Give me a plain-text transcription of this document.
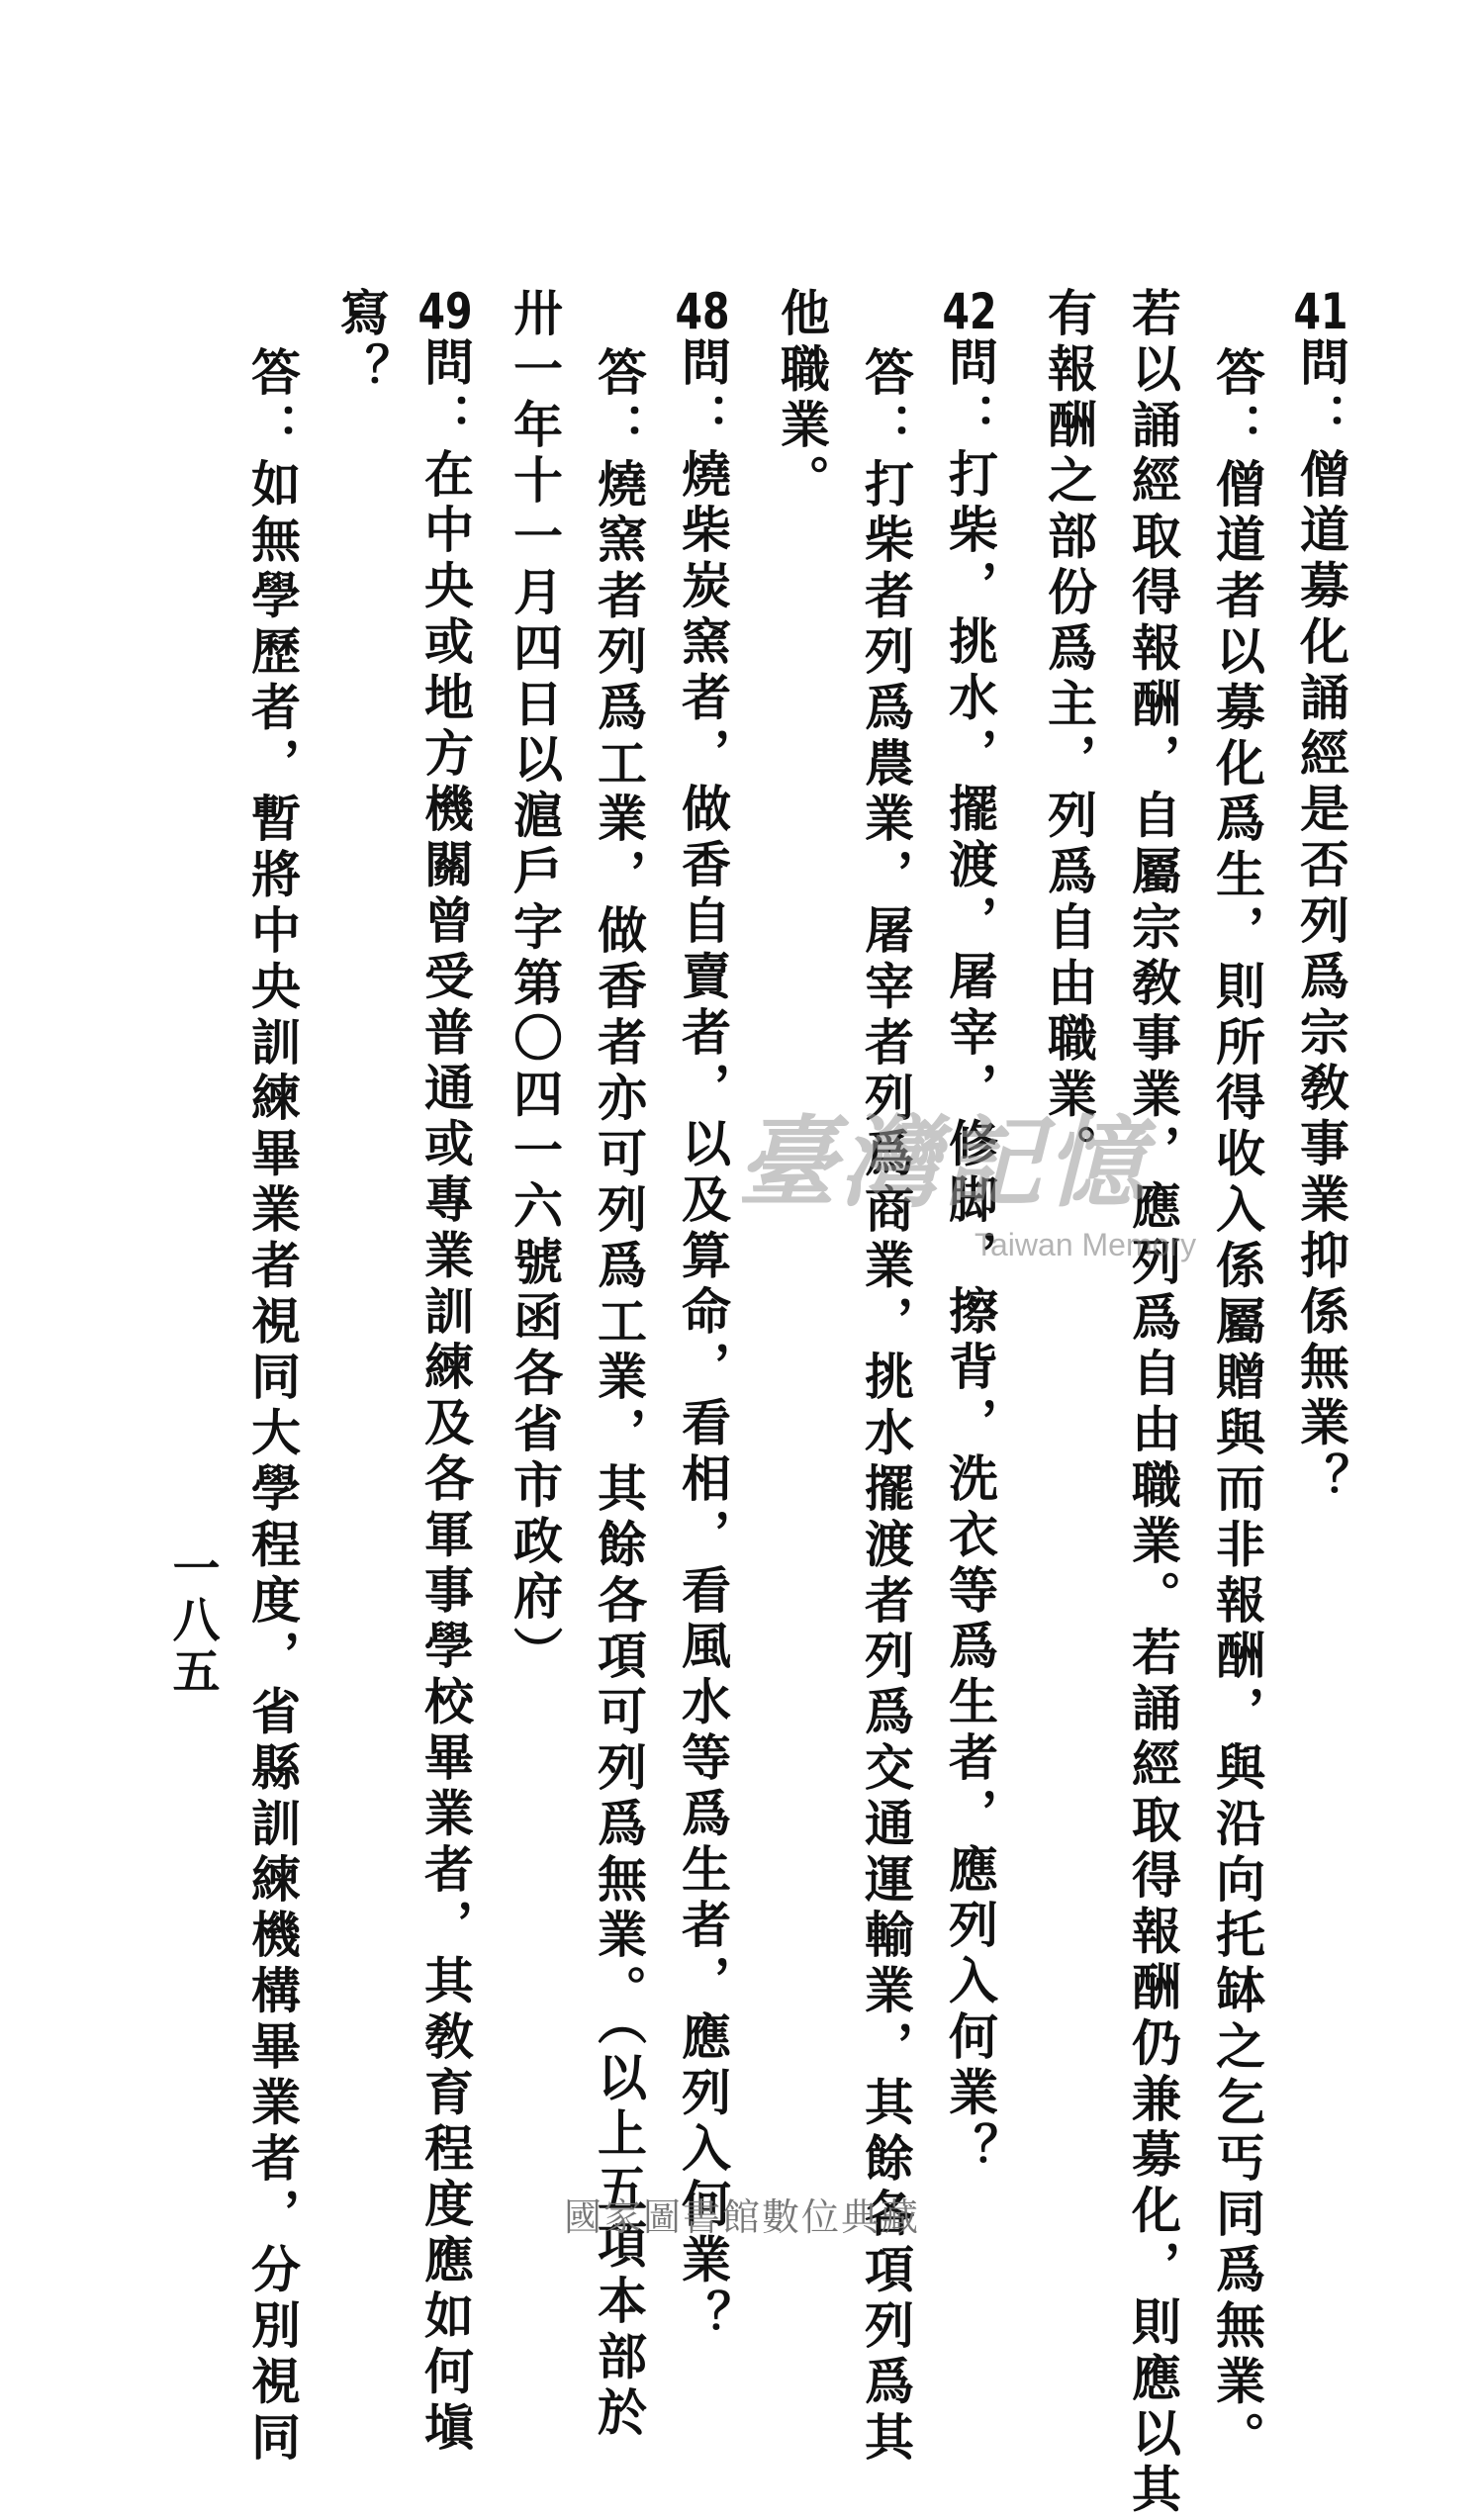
41問：僧道募化誦經是否列爲宗敎事業抑係無業？
答：僧道者以募化爲生，則所得收入係屬贈與而非報酬，與沿向托缽之乞丐同爲無業。
若以誦經取得報酬，自屬宗敎事業，應列爲自由職業。若誦經取得報酬仍兼募化，則應以其
有報酬之部份爲主，列爲自由職業。
42問：打柴，挑水，擺渡，屠宰，修脚，擦背，洗衣等爲生者，應列入何業？
答：打柴者列爲農業，屠宰者列爲商業，挑水擺渡者列爲交通運輸業，其餘各項列爲其
他職業。
48問：燒柴炭窯者，做香自賣者，以及算命，看相，看風水等爲生者，應列入何業？
答：燒窯者列爲工業，做香者亦可列爲工業，其餘各項可列爲無業。（以上五項本部於
卅一年十一月四日以滬戶字第〇四一六號函各省市政府）
49問：在中央或地方機關曾受普通或專業訓練及各軍事學校畢業者，其敎育程度應如何塡
寫？
答：如無學歷者，暫將中央訓練畢業者視同大學程度，省縣訓練機構畢業者，分別視同
一八五
臺灣記憶
Taiwan Memory
國家圖書館數位典藏
